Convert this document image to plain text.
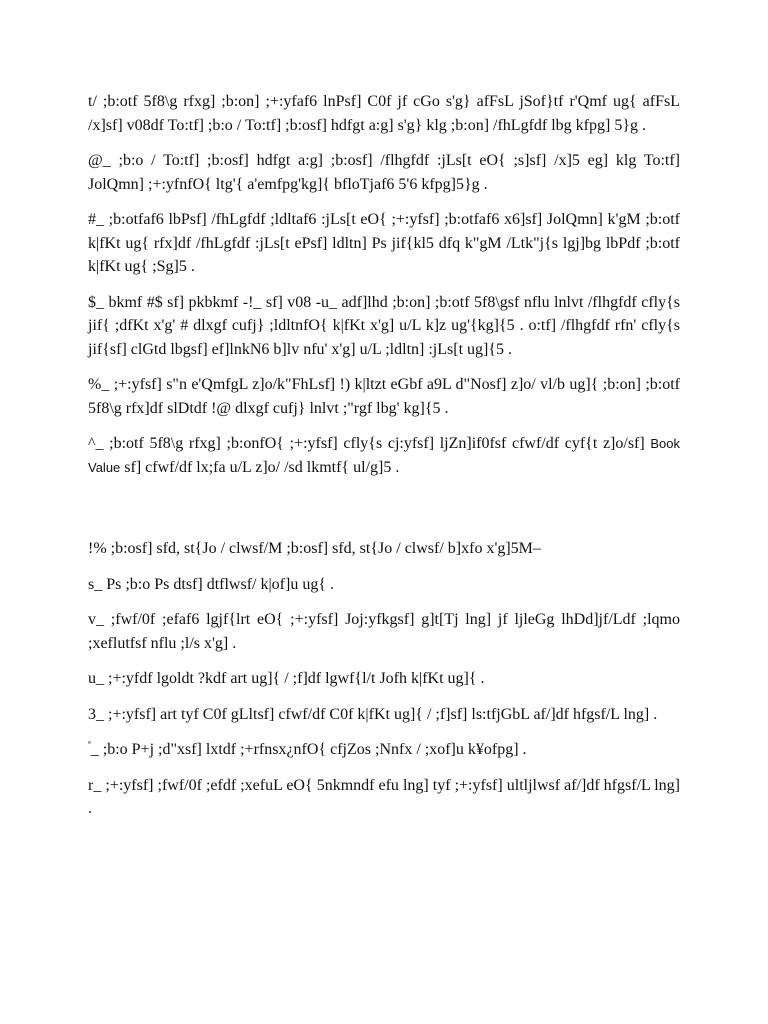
t/ ;b:otf 5f8\g rfxg] ;b:on] ;+:yfaf6 lnPsf] C0f jf cGo s'g} afFsL jSof}tf r'Qmf ug{ afFsL /x]sf] v08df To:tf] ;b:o / To:tf] ;b:osf] hdfgt a:g] s'g} klg ;b:on] /fhLgfdf lbg kfpg] 5}g .

@_ ;b:o / To:tf] ;b:osf] hdfgt a:g] ;b:osf] /flhgfdf :jLs[t eO{ ;s]sf] /x]5 eg] klg To:tf] JolQmn] ;+:yfnfO{ ltg'{ a'emfpg'kg]{ bfloTjaf6 5'6 kfpg]5}g .

#_ ;b:otfaf6 lbPsf] /fhLgfdf ;ldltaf6 :jLs[t eO{ ;+:yfsf] ;b:otfaf6 x6]sf] JolQmn] k'gM ;b:otf k|fKt ug{ rfx]df /fhLgfdf :jLs[t ePsf] ldltn] Ps jif{kl5 dfq k"gM /Ltk"j{s lgj]bg lbPdf ;b:otf k|fKt ug{ ;Sg]5 .

$_ bkmf #$ sf] pkbkmf -!_ sf] v08 -u_ adf]lhd ;b:on] ;b:otf 5f8\gsf nflu lnlvt /flhgfdf cfly{s jif{ ;dfKt x'g' # dlxgf cufj} ;ldltnfO{ k|fKt x'g] u/L k]z ug'{kg]{5 . o:tf] /flhgfdf rfn' cfly{s jif{sf] clGtd lbgsf] ef]lnkN6 b]lv nfu' x'g] u/L ;ldltn] :jLs[t ug]{5 .

%_ ;+:yfsf] s"n e'QmfgL z]o/k"FhLsf] !) k|ltzt eGbf a9L d"Nosf] z]o/ vl/b ug]{ ;b:on] ;b:otf 5f8\g rfx]df slDtdf !@ dlxgf cufj} lnlvt ;"rgf lbg' kg]{5 .

^_ ;b:otf 5f8\g rfxg] ;b:onfO{ ;+:yfsf] cfly{s cj:yfsf] ljZn]if0fsf cfwf/df cyf{t z]o/sf] Book Value sf] cfwf/df lx;fa u/L z]o/ /sd lkmtf{ ul/g]5 .

!% ;b:osf] sfd, st{Jo / clwsf/M ;b:osf] sfd, st{Jo / clwsf/ b]xfo x'g]5M–

s_ Ps ;b:o Ps dtsf] dtflwsf/ k|of]u ug{ .

v_ ;fwf/0f ;efaf6 lgjf{lrt eO{ ;+:yfsf] Joj:yfkgsf] g]t[Tj lng] jf ljleGg lhDd]jf/Ldf ;lqmo ;xeflutfsf nflu ;l/s x'g] .

u_ ;+:yfdf lgoldt ?kdf art ug]{ / ;f]df lgwf{l/t Jofh k|fKt ug]{ .

3_ ;+:yfsf] art tyf C0f gLltsf] cfwf/df C0f k|fKt ug]{ / ;f]sf] ls:tfjGbL af/]df hfgsf/L lng] .

$^ª$_ ;b:o P+j ;d"xsf] lxtdf ;+rfnsx¿nfO{ cfjZos ;Nnfx / ;xof]u k¥ofpg] .

r_ ;+:yfsf] ;fwf/0f ;efdf ;xefuL eO{ 5nkmndf efu lng] tyf ;+:yfsf] ultljlwsf af/]df hfgsf/L lng] .
